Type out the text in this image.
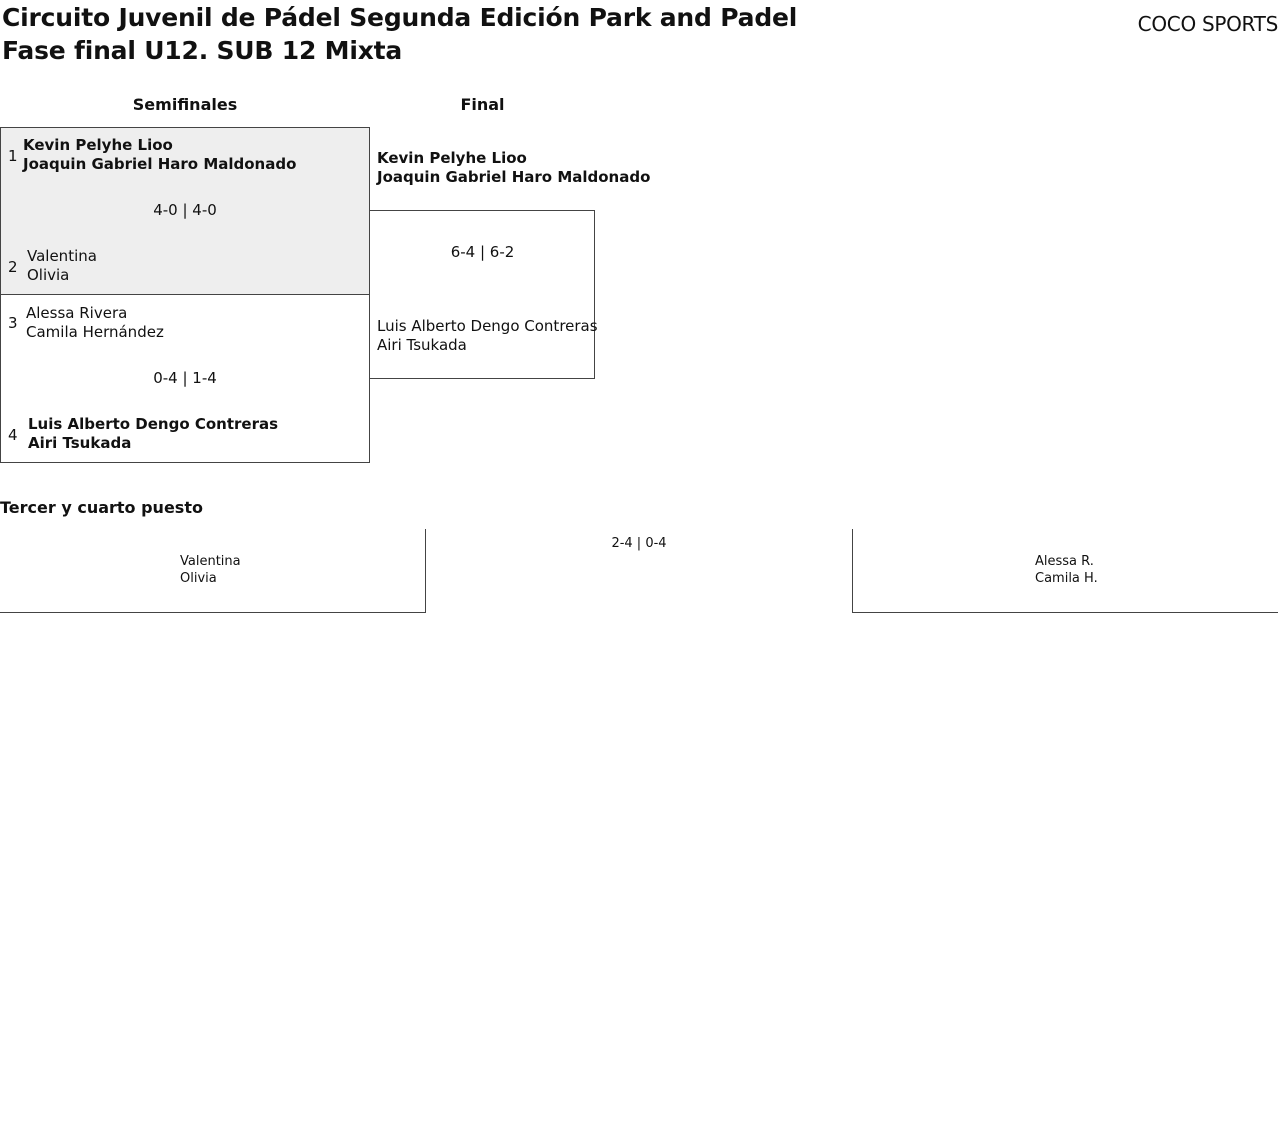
Circuito Juvenil de Pádel Segunda Edición Park and Padel
Fase final U12. SUB 12 Mixta
COCO SPORTS
Semifinales	Final
1
Kevin Pelyhe Lioo
Joaquin Gabriel Haro Maldonado
4-0 | 4-0
2
Valentina
Olivia
3
Alessa Rivera
Camila Hernández
0-4 | 1-4
4
Luis Alberto Dengo Contreras
Airi Tsukada
Kevin Pelyhe Lioo
Joaquin Gabriel Haro Maldonado
6-4 | 6-2
Luis Alberto Dengo Contreras
Airi Tsukada
Tercer y cuarto puesto
Valentina
Olivia
2-4 | 0-4
Alessa R.
Camila H.
